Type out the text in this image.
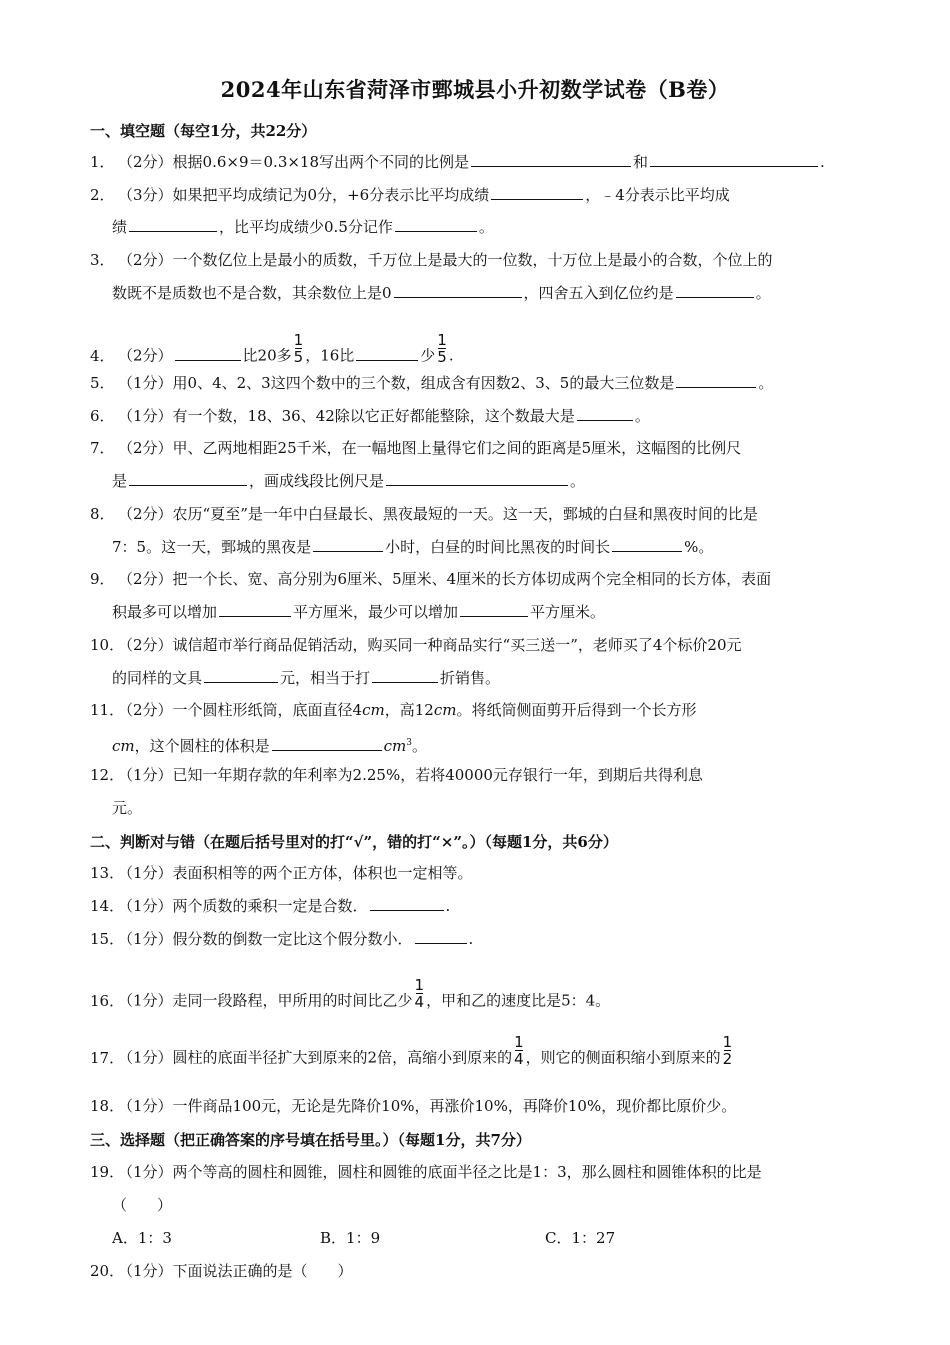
2024年山东省菏泽市鄄城县小升初数学试卷（B卷）
一、填空题（每空1分，共22分）
1． （2分）根据0.6×9＝0.3×18写出两个不同的比例是	和	.
2． （3分）如果把平均成绩记为0分，+6分表示比平均成绩	，﹣4分表示比平均成
绩	，比平均成绩少0.5分记作	。
3． （2分）一个数亿位上是最小的质数，千万位上是最大的一位数，十万位上是最小的合数，个位上的
数既不是质数也不是合数，其余数位上是0	，四舍五入到亿位约是	。
4． （2分）	比20多 $\frac{1}{5}$ ，16比	少 $\frac{1}{5}$ .
5． （1分）用0、4、2、3这四个数中的三个数，组成含有因数2、3、5的最大三位数是	。
6． （1分）有一个数，18、36、42除以它正好都能整除，这个数最大是	。
7． （2分）甲、乙两地相距25千米，在一幅地图上量得它们之间的距离是5厘米，这幅图的比例尺
是	，画成线段比例尺是	。
8． （2分）农历“夏至”是一年中白昼最长、黑夜最短的一天。这一天，鄄城的白昼和黑夜时间的比是
7：5。这一天，鄄城的黑夜是	小时，白昼的时间比黑夜的时间长	%。
9． （2分）把一个长、宽、高分别为6厘米、5厘米、4厘米的长方体切成两个完全相同的长方体，表面
积最多可以增加	平方厘米，最少可以增加	平方厘米。
10．（2分）诚信超市举行商品促销活动，购买同一种商品实行“买三送一”，老师买了4个标价20元
的同样的文具	元，相当于打	折销售。
11．（2分）一个圆柱形纸筒，底面直径4cm，高12cm。将纸筒侧面剪开后得到一个长方形
cm，这个圆柱的体积是	$cm^3$。
12．（1分）已知一年期存款的年利率为2.25%，若将40000元存银行一年，到期后共得利息
元。
二、判断对与错（在题后括号里对的打“√”，错的打“×”。）（每题1分，共6分）
13．（1分）表面积相等的两个正方体，体积也一定相等。
14．（1分）两个质数的乘积一定是合数．	.
15．（1分）假分数的倒数一定比这个假分数小．	.
16．（1分）走同一段路程，甲所用的时间比乙少 $\frac{1}{4}$ ，甲和乙的速度比是5：4。
17．（1分）圆柱的底面半径扩大到原来的2倍，高缩小到原来的 $\frac{1}{4}$ ，则它的侧面积缩小到原来的 $\frac{1}{2}$
18．（1分）一件商品100元，无论是先降价10%，再涨价10%，再降价10%，现价都比原价少。
三、选择题（把正确答案的序号填在括号里。）（每题1分，共7分）
19．（1分）两个等高的圆柱和圆锥，圆柱和圆锥的底面半径之比是1：3，那么圆柱和圆锥体积的比是
（　　）
A．1：3	B．1：9	C．1：27
20．（1分）下面说法正确的是（　　）
